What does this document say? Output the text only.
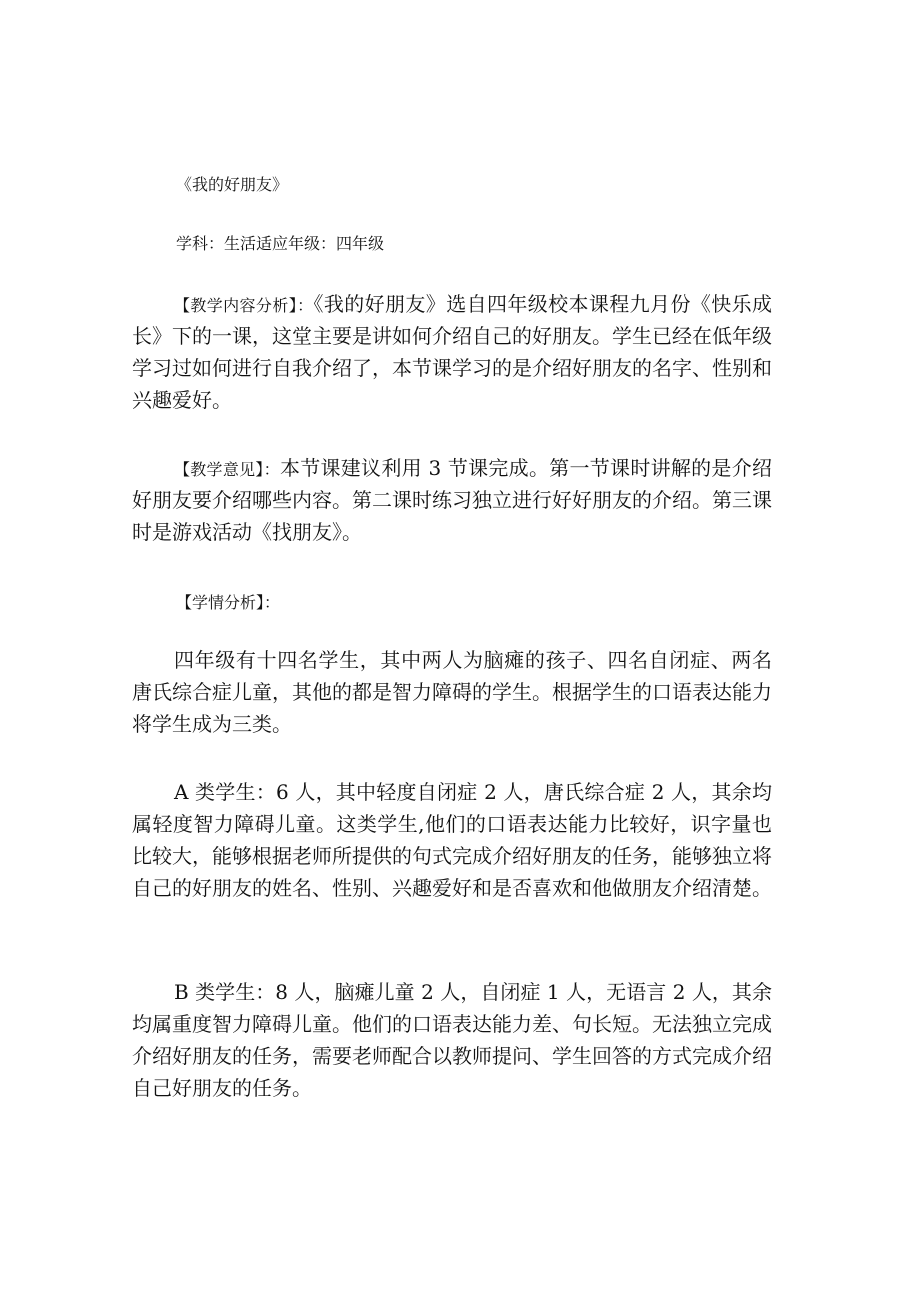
《我的好朋友》

学科：生活适应年级：四年级

【教学内容分析】：《我的好朋友》选自四年级校本课程九月份《快乐成长》下的一课，这堂主要是讲如何介绍自己的好朋友。学生已经在低年级学习过如何进行自我介绍了，本节课学习的是介绍好朋友的名字、性别和兴趣爱好。
【教学意见】：本节课建议利用 3 节课完成。第一节课时讲解的是介绍好朋友要介绍哪些内容。第二课时练习独立进行好好朋友的介绍。第三课时是游戏活动《找朋友》。

【学情分析】：

四年级有十四名学生，其中两人为脑瘫的孩子、四名自闭症、两名唐氏综合症儿童，其他的都是智力障碍的学生。根据学生的口语表达能力将学生成为三类。
A 类学生：6 人，其中轻度自闭症 2 人，唐氏综合症 2 人，其余均属轻度智力障碍儿童。这类学生,他们的口语表达能力比较好，识字量也比较大，能够根据老师所提供的句式完成介绍好朋友的任务，能够独立将自己的好朋友的姓名、性别、兴趣爱好和是否喜欢和他做朋友介绍清楚。
B 类学生：8 人，脑瘫儿童 2 人，自闭症 1 人，无语言 2 人，其余均属重度智力障碍儿童。他们的口语表达能力差、句长短。无法独立完成介绍好朋友的任务，需要老师配合以教师提问、学生回答的方式完成介绍自己好朋友的任务。
